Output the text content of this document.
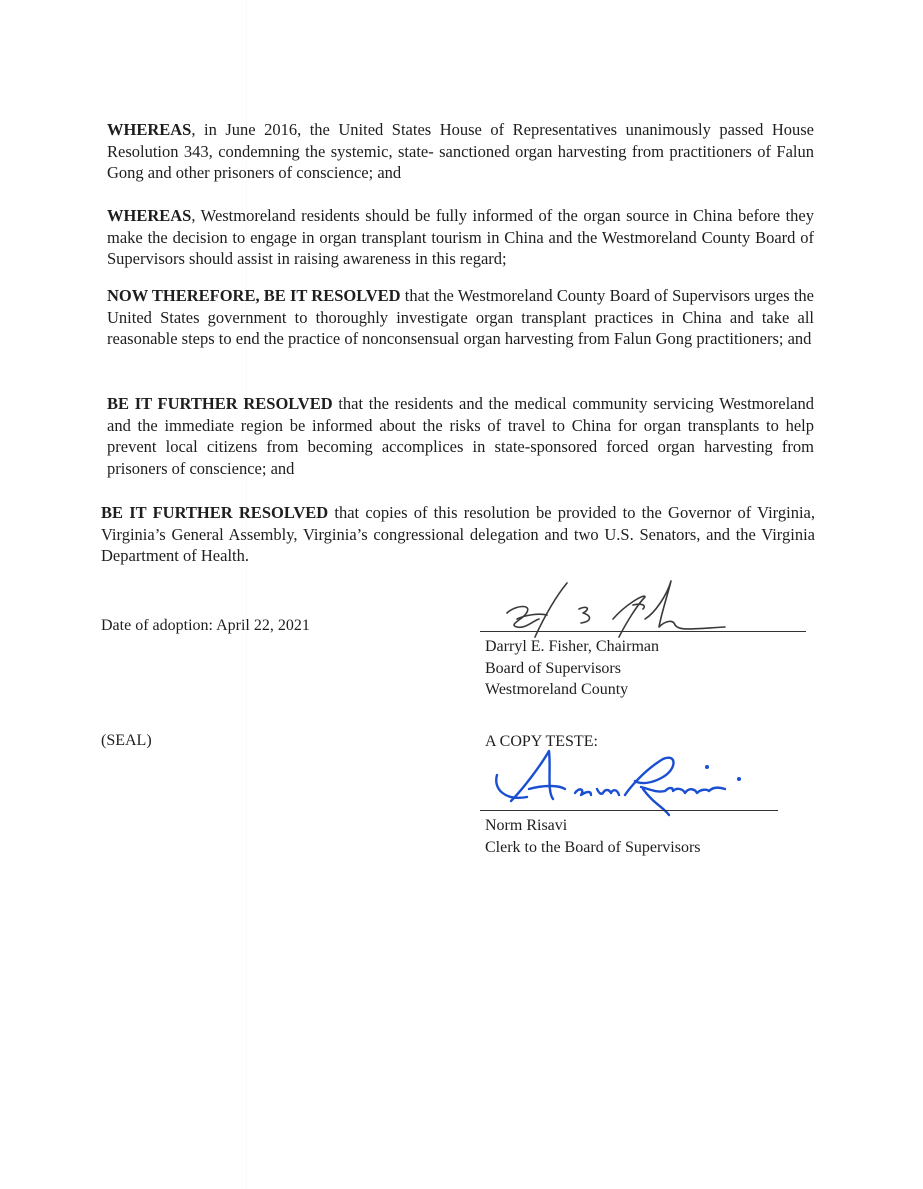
WHEREAS, in June 2016, the United States House of Representatives unanimously passed House Resolution 343, condemning the systemic, state- sanctioned organ harvesting from practitioners of Falun Gong and other prisoners of conscience; and

WHEREAS, Westmoreland residents should be fully informed of the organ source in China before they make the decision to engage in organ transplant tourism in China and the Westmoreland County Board of Supervisors should assist in raising awareness in this regard;

NOW THEREFORE, BE IT RESOLVED that the Westmoreland County Board of Supervisors urges the United States government to thoroughly investigate organ transplant practices in China and take all reasonable steps to end the practice of nonconsensual organ harvesting from Falun Gong practitioners; and

BE IT FURTHER RESOLVED that the residents and the medical community servicing Westmoreland and the immediate region be informed about the risks of travel to China for organ transplants to help prevent local citizens from becoming accomplices in state-sponsored forced organ harvesting from prisoners of conscience; and

BE IT FURTHER RESOLVED that copies of this resolution be provided to the Governor of Virginia, Virginia’s General Assembly, Virginia’s congressional delegation and two U.S. Senators, and the Virginia Department of Health.

Date of adoption: April 22, 2021
(SEAL)
Darryl E. Fisher, Chairman
Board of Supervisors
Westmoreland County
A COPY TESTE:
Norm Risavi
Clerk to the Board of Supervisors
